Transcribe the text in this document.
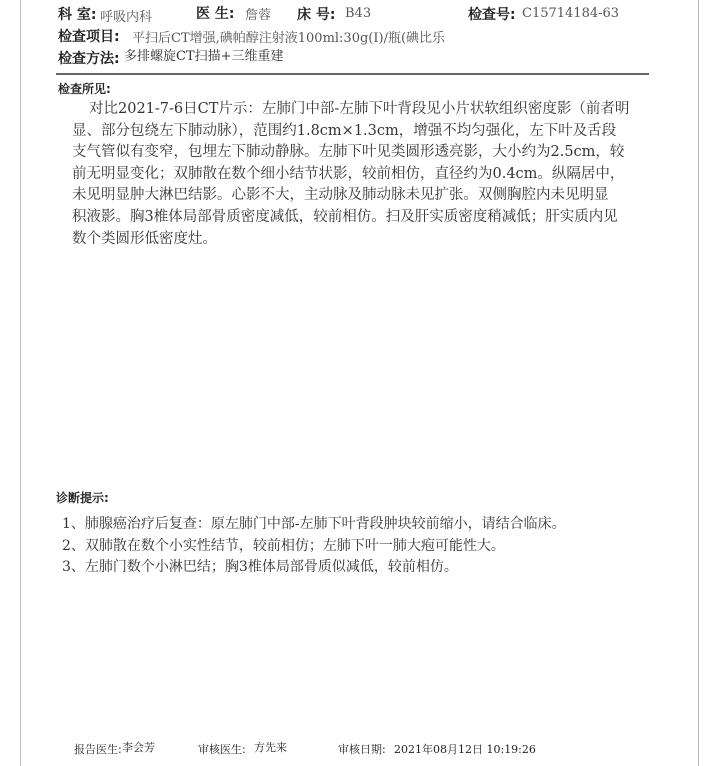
科 室: 呼吸内科	医 生: 詹蓉 床 号: B43	检查号: C15714184-63
检查项目: 平扫后CT增强,碘帕醇注射液100ml:30g(I)/瓶(碘比乐
检查方法: 多排螺旋CT扫描+三维重建
检查所见:
对比2021-7-6日CT片示：左肺门中部-左肺下叶背段见小片状软组织密度影（前者明
显、部分包绕左下肺动脉），范围约1.8cm×1.3cm，增强不均匀强化，左下叶及舌段
支气管似有变窄，包埋左下肺动静脉。左肺下叶见类圆形透亮影，大小约为2.5cm，较
前无明显变化；双肺散在数个细小结节状影，较前相仿，直径约为0.4cm。纵隔居中，
未见明显肿大淋巴结影。心影不大，主动脉及肺动脉未见扩张。双侧胸腔内未见明显
积液影。胸3椎体局部骨质密度减低，较前相仿。扫及肝实质密度稍减低；肝实质内见
数个类圆形低密度灶。
诊断提示:
1、肺腺癌治疗后复查：原左肺门中部-左肺下叶背段肿块较前缩小，请结合临床。
2、双肺散在数个小实性结节，较前相仿；左肺下叶一肺大疱可能性大。
3、左肺门数个小淋巴结；胸3椎体局部骨质似减低，较前相仿。
报告医生: 李会芳	审核医生: 方先来	审核日期: 2021年08月12日 10:19:26
